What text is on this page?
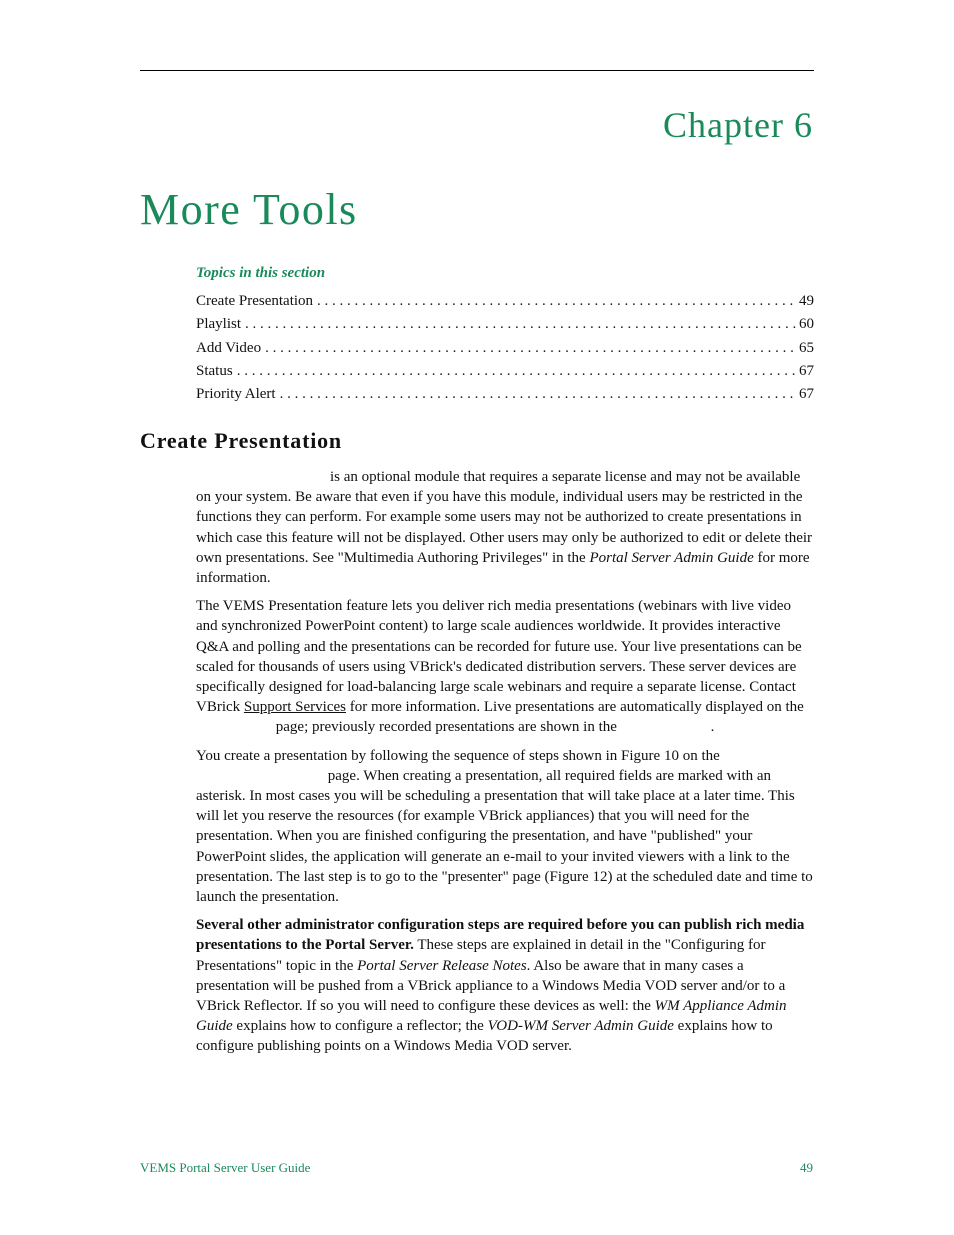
Chapter 6
More Tools
Topics in this section
Create Presentation . . .	49
Playlist . . .	60
Add Video . . .	65
Status . . .	67
Priority Alert . . .	67
Create Presentation

is an optional module that requires a separate license and may not be available on your system. Be aware that even if you have this module, individual users may be restricted in the functions they can perform. For example some users may not be authorized to create presentations in which case this feature will not be displayed. Other users may only be authorized to edit or delete their own presentations. See "Multimedia Authoring Privileges" in the Portal Server Admin Guide for more information.

The VEMS Presentation feature lets you deliver rich media presentations (webinars with live video and synchronized PowerPoint content) to large scale audiences worldwide. It provides interactive Q&A and polling and the presentations can be recorded for future use. Your live presentations can be scaled for thousands of users using VBrick's dedicated distribution servers. These server devices are specifically designed for load-balancing large scale webinars and require a separate license. Contact VBrick Support Services for more information. Live presentations are automatically displayed on the  page; previously recorded presentations are shown in the	.

You create a presentation by following the sequence of steps shown in Figure 10 on the  page. When creating a presentation, all required fields are marked with an asterisk. In most cases you will be scheduling a presentation that will take place at a later time. This will let you reserve the resources (for example VBrick appliances) that you will need for the presentation. When you are finished configuring the presentation, and have "published" your PowerPoint slides, the application will generate an e-mail to your invited viewers with a link to the presentation. The last step is to go to the "presenter" page (Figure 12) at the scheduled date and time to launch the presentation.

Several other administrator configuration steps are required before you can publish rich media presentations to the Portal Server. These steps are explained in detail in the "Configuring for Presentations" topic in the Portal Server Release Notes. Also be aware that in many cases a presentation will be pushed from a VBrick appliance to a Windows Media VOD server and/or to a VBrick Reflector. If so you will need to configure these devices as well: the WM Appliance Admin Guide explains how to configure a reflector; the VOD-WM Server Admin Guide explains how to configure publishing points on a Windows Media VOD server.

VEMS Portal Server User Guide	49
